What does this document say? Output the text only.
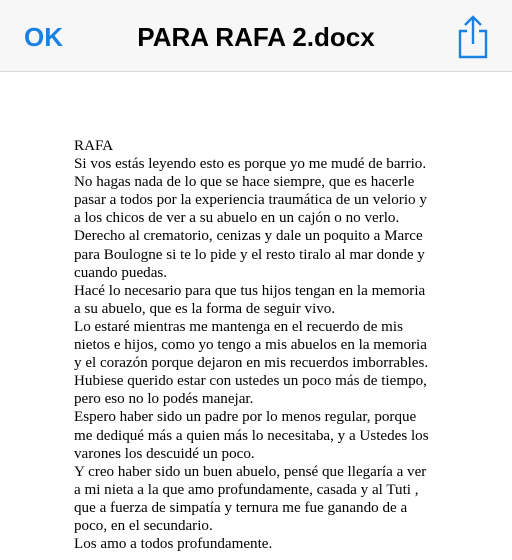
OK	PARA RAFA 2.docx
RAFA
Si vos estás leyendo esto es porque yo me mudé de barrio.
No hagas nada de lo que se hace siempre, que es hacerle
pasar a todos por la experiencia traumática de un velorio y
a los chicos de ver a su abuelo en un cajón o no verlo.
Derecho al crematorio, cenizas y dale un poquito a Marce
para Boulogne si te lo pide y el resto tiralo al mar donde y
cuando puedas.
Hacé lo necesario para que tus hijos tengan en la memoria
a su abuelo, que es la forma de seguir vivo.
Lo estaré mientras me mantenga en el recuerdo de mis
nietos e hijos, como yo tengo a mis abuelos en la memoria
y el corazón porque dejaron en mis recuerdos imborrables.
Hubiese querido estar con ustedes un poco más de tiempo,
pero eso no lo podés manejar.
Espero haber sido un padre por lo menos regular, porque
me dediqué más a quien más lo necesitaba, y a Ustedes los
varones los descuidé un poco.
Y creo haber sido un buen abuelo, pensé que llegaría a ver
a mi nieta a la que amo profundamente, casada y al Tuti ,
que a fuerza de simpatía y ternura me fue ganando de a
poco, en el secundario.
Los amo a todos profundamente.
